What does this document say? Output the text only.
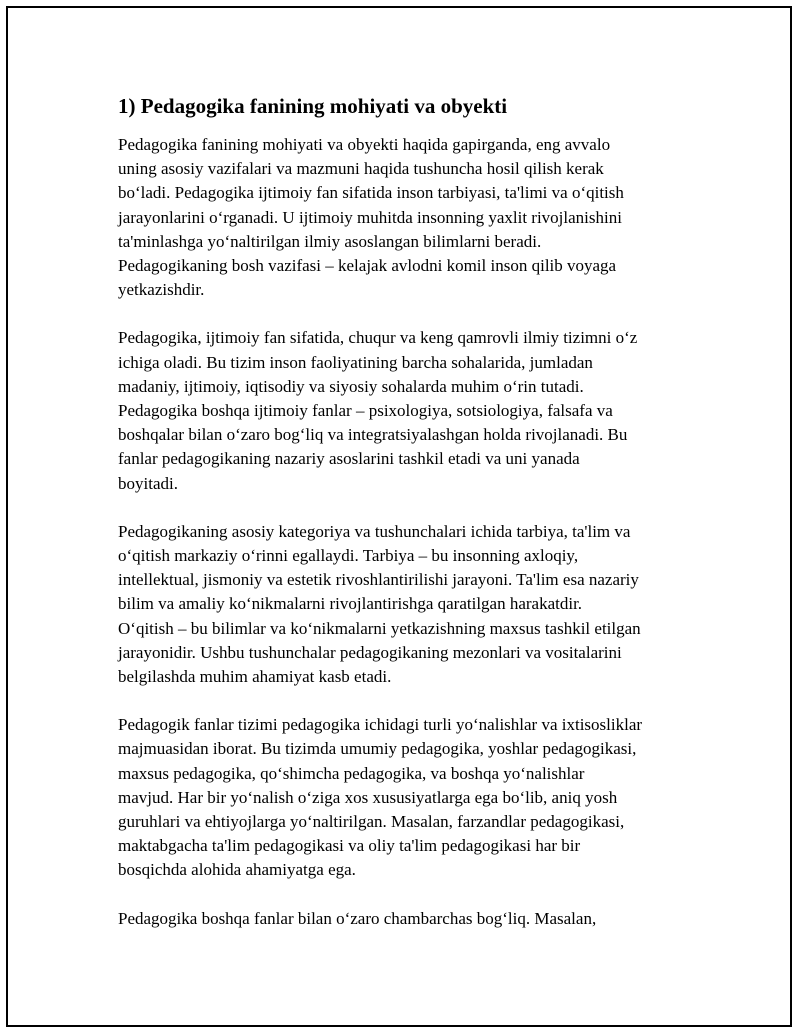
1) Pedagogika fanining mohiyati va obyekti

Pedagogika fanining mohiyati va obyekti haqida gapirganda, eng avvalo
uning asosiy vazifalari va mazmuni haqida tushuncha hosil qilish kerak
bo‘ladi. Pedagogika ijtimoiy fan sifatida inson tarbiyasi, ta'limi va o‘qitish
jarayonlarini o‘rganadi. U ijtimoiy muhitda insonning yaxlit rivojlanishini
ta'minlashga yo‘naltirilgan ilmiy asoslangan bilimlarni beradi.
Pedagogikaning bosh vazifasi – kelajak avlodni komil inson qilib voyaga
yetkazishdir.

Pedagogika, ijtimoiy fan sifatida, chuqur va keng qamrovli ilmiy tizimni o‘z
ichiga oladi. Bu tizim inson faoliyatining barcha sohalarida, jumladan
madaniy, ijtimoiy, iqtisodiy va siyosiy sohalarda muhim o‘rin tutadi.
Pedagogika boshqa ijtimoiy fanlar – psixologiya, sotsiologiya, falsafa va
boshqalar bilan o‘zaro bog‘liq va integratsiyalashgan holda rivojlanadi. Bu
fanlar pedagogikaning nazariy asoslarini tashkil etadi va uni yanada
boyitadi.

Pedagogikaning asosiy kategoriya va tushunchalari ichida tarbiya, ta'lim va
o‘qitish markaziy o‘rinni egallaydi. Tarbiya – bu insonning axloqiy,
intellektual, jismoniy va estetik rivoshlantirilishi jarayoni. Ta'lim esa nazariy
bilim va amaliy ko‘nikmalarni rivojlantirishga qaratilgan harakatdir.
O‘qitish – bu bilimlar va ko‘nikmalarni yetkazishning maxsus tashkil etilgan
jarayonidir. Ushbu tushunchalar pedagogikaning mezonlari va vositalarini
belgilashda muhim ahamiyat kasb etadi.

Pedagogik fanlar tizimi pedagogika ichidagi turli yo‘nalishlar va ixtisosliklar
majmuasidan iborat. Bu tizimda umumiy pedagogika, yoshlar pedagogikasi,
maxsus pedagogika, qo‘shimcha pedagogika, va boshqa yo‘nalishlar
mavjud. Har bir yo‘nalish o‘ziga xos xususiyatlarga ega bo‘lib, aniq yosh
guruhlari va ehtiyojlarga yo‘naltirilgan. Masalan, farzandlar pedagogikasi,
maktabgacha ta'lim pedagogikasi va oliy ta'lim pedagogikasi har bir
bosqichda alohida ahamiyatga ega.

Pedagogika boshqa fanlar bilan o‘zaro chambarchas bog‘liq. Masalan,
